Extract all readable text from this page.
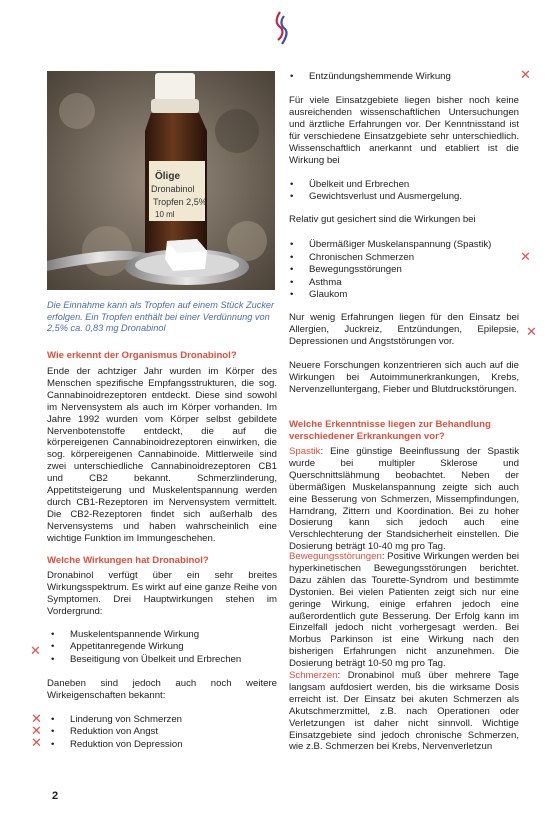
Ölige
Dronabinol
Tropfen 2,5%
10 ml
Die Einnahme kann als Tropfen auf einem Stück Zucker erfolgen. Ein Tropfen enthält bei einer Verdünnung von 2,5% ca. 0,83 mg Dronabinol
Wie erkennt der Organismus Dronabinol?
Ende der achtziger Jahr wurden im Körper des Menschen spezifische Empfangsstrukturen, die sog. Cannabinoidrezeptoren entdeckt. Diese sind sowohl im Nervensystem als auch im Körper vorhanden. Im Jahre 1992 wurden vom Körper selbst gebildete Nervenbotenstoffe entdeckt, die auf die körpereigenen Cannabinoidrezeptoren einwirken, die sog. körpereigenen Cannabinoide. Mittlerweile sind zwei unterschiedliche Cannabinoidrezeptoren CB1 und CB2 bekannt. Schmerzlinderung, Appetitsteigerung und Muskelentspannung werden durch CB1-Rezeptoren im Nervensystem vermittelt. Die CB2-Rezeptoren findet sich außerhalb des Nervensystems und haben wahrscheinlich eine wichtige Funktion im Immungeschehen.
Welche Wirkungen hat Dronabinol?
Dronabinol verfügt über ein sehr breites Wirkungsspektrum. Es wirkt auf eine ganze Reihe von Symptomen. Drei Hauptwirkungen stehen im Vordergrund:
• Muskelentspannende Wirkung
• Appetitanregende Wirkung
• Beseitigung von Übelkeit und Erbrechen
Daneben sind jedoch auch noch weitere Wirkeigenschaften bekannt:
• Linderung von Schmerzen
• Reduktion von Angst
• Reduktion von Depression
2
• Entzündungshemmende Wirkung
Für viele Einsatzgebiete liegen bisher noch keine ausreichenden wissenschaftlichen Untersuchungen und ärztliche Erfahrungen vor. Der Kenntnisstand ist für verschiedene Einsatzgebiete sehr unterschiedlich. Wissenschaftlich anerkannt und etabliert ist die Wirkung bei
• Übelkeit und Erbrechen
• Gewichtsverlust und Ausmergelung.
Relativ gut gesichert sind die Wirkungen bei
• Übermäßiger Muskelanspannung (Spastik)
• Chronischen Schmerzen
• Bewegungsstörungen
• Asthma
• Glaukom
Nur wenig Erfahrungen liegen für den Einsatz bei Allergien, Juckreiz, Entzündungen, Epilepsie, Depressionen und Angststörungen vor.
Neuere Forschungen konzentrieren sich auch auf die Wirkungen bei Autoimmunerkrankungen, Krebs, Nervenzelluntergang, Fieber und Blutdruckstörungen.
Welche Erkenntnisse liegen zur Behandlung verschiedener Erkrankungen vor?
Spastik: Eine günstige Beeinflussung der Spastik wurde bei multipler Sklerose und Querschnittslähmung beobachtet. Neben der übermäßigen Muskelanspannung zeigte sich auch eine Besserung von Schmerzen, Missempfindungen, Harndrang, Zittern und Koordination. Bei zu hoher Dosierung kann sich jedoch auch eine Verschlechterung der Standsicherheit einstellen. Die Dosierung beträgt 10-40 mg pro Tag.
Bewegungsstörungen: Positive Wirkungen werden bei hyperkinetischen Bewegungsstörungen berichtet. Dazu zählen das Tourette-Syndrom und bestimmte Dystonien. Bei vielen Patienten zeigt sich nur eine geringe Wirkung, einige erfahren jedoch eine außerordentlich gute Besserung. Der Erfolg kann im Einzelfall jedoch nicht vorhergesagt werden. Bei Morbus Parkinson ist eine Wirkung nach den bisherigen Erfahrungen nicht anzunehmen. Die Dosierung beträgt 10-50 mg pro Tag.
Schmerzen: Dronabinol muß über mehrere Tage langsam aufdosiert werden, bis die wirksame Dosis erreicht ist. Der Einsatz bei akuten Schmerzen als Akutschmerzmittel, z.B. nach Operationen oder Verletzungen ist daher nicht sinnvoll. Wichtige Einsatzgebiete sind jedoch chronische Schmerzen, wie z.B. Schmerzen bei Krebs, Nervenverletzun
✕
✕
✕
✕
✕
✕
✕
